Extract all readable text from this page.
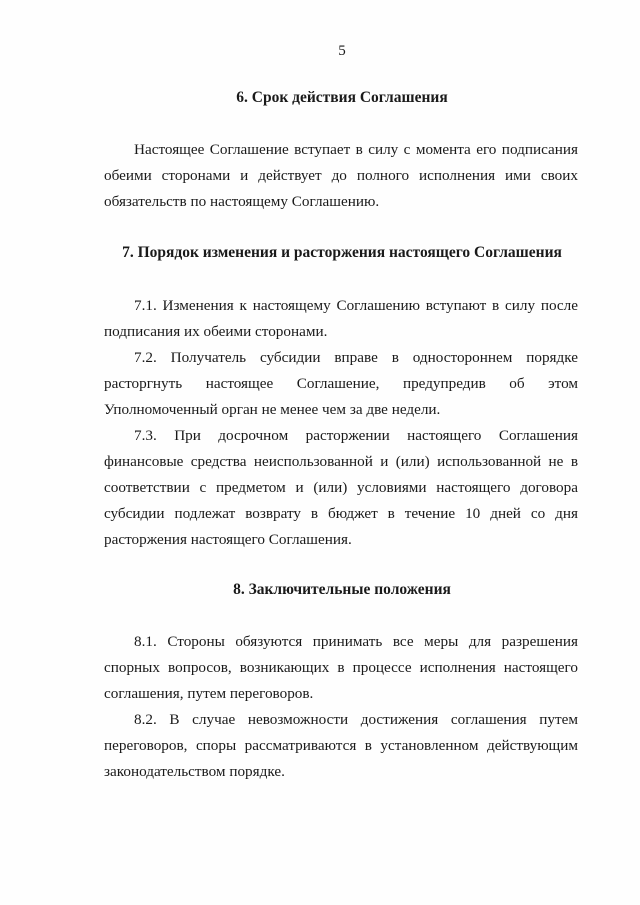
5
6. Срок действия Соглашения
Настоящее Соглашение вступает в силу с момента его подписания обеими сторонами и действует до полного исполнения ими своих обязательств по настоящему Соглашению.
7. Порядок изменения и расторжения настоящего Соглашения
7.1. Изменения к настоящему Соглашению вступают в силу после подписания их обеими сторонами.
7.2. Получатель субсидии вправе в одностороннем порядке расторгнуть настоящее Соглашение, предупредив об этом Уполномоченный орган не менее чем за две недели.
7.3. При досрочном расторжении настоящего Соглашения финансовые средства неиспользованной и (или) использованной не в соответствии с предметом и (или) условиями настоящего договора субсидии подлежат возврату в бюджет в течение 10 дней со дня расторжения настоящего Соглашения.
8. Заключительные положения
8.1. Стороны обязуются принимать все меры для разрешения спорных вопросов, возникающих в процессе исполнения настоящего соглашения, путем переговоров.
8.2. В случае невозможности достижения соглашения путем переговоров, споры рассматриваются в установленном действующим законодательством порядке.
